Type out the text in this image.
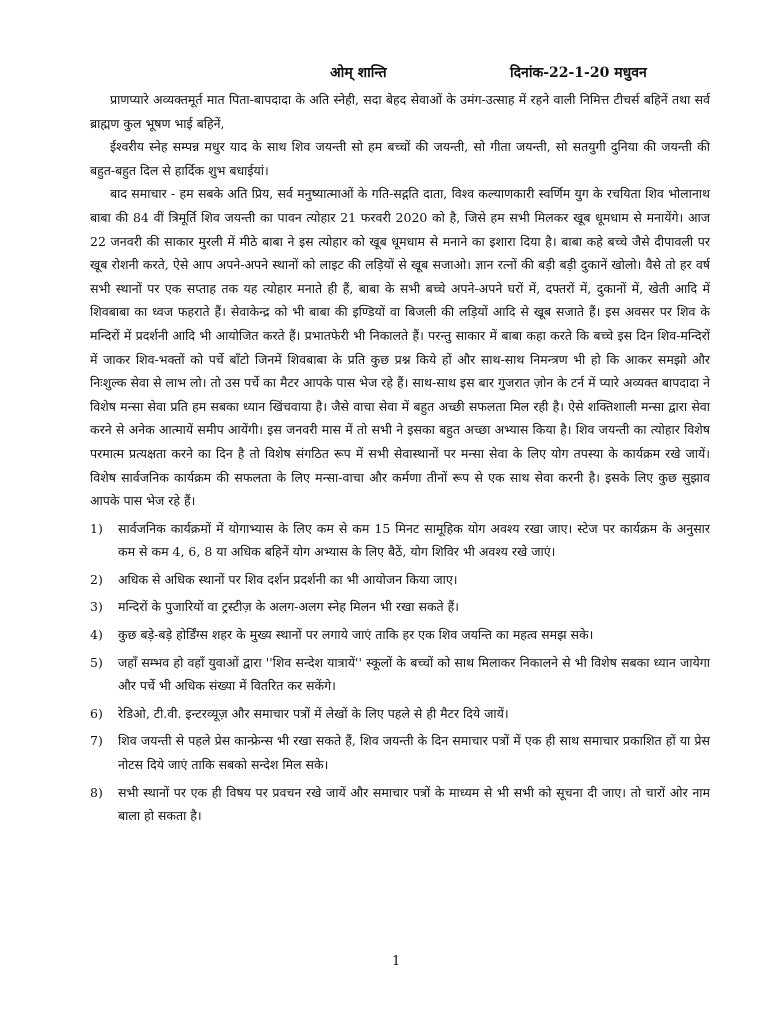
ओम् शान्ति	दिनांक-22-1-20 मधुवन

प्राणप्यारे अव्यक्तमूर्त मात पिता-बापदादा के अति स्नेही, सदा बेहद सेवाओं के उमंग-उत्साह में रहने वाली निमित्त टीचर्स बहिनें तथा सर्व ब्राह्मण कुल भूषण भाई बहिनें,

ईश्वरीय स्नेह सम्पन्न मधुर याद के साथ शिव जयन्ती सो हम बच्चों की जयन्ती, सो गीता जयन्ती, सो सतयुगी दुनिया की जयन्ती की बहुत-बहुत दिल से हार्दिक शुभ बधाईयां।

बाद समाचार - हम सबके अति प्रिय, सर्व मनुष्यात्माओं के गति-सद्गति दाता, विश्व कल्याणकारी स्वर्णिम युग के रचयिता शिव भोलानाथ बाबा की 84 वीं त्रिमूर्ति शिव जयन्ती का पावन त्योहार 21 फरवरी 2020 को है, जिसे हम सभी मिलकर खूब धूमधाम से मनायेंगे। आज 22 जनवरी की साकार मुरली में मीठे बाबा ने इस त्योहार को खूब धूमधाम से मनाने का इशारा दिया है। बाबा कहे बच्चे जैसे दीपावली पर खूब रोशनी करते, ऐसे आप अपने-अपने स्थानों को लाइट की लड़ियों से खूब सजाओ। ज्ञान रत्नों की बड़ी बड़ी दुकानें खोलो। वैसे तो हर वर्ष सभी स्थानों पर एक सप्ताह तक यह त्योहार मनाते ही हैं, बाबा के सभी बच्चे अपने-अपने घरों में, दफ्तरों में, दुकानों में, खेती आदि में शिवबाबा का ध्वज फहराते हैं। सेवाकेन्द्र को भी बाबा की इण्डियों वा बिजली की लड़ियों आदि से खूब सजाते हैं। इस अवसर पर शिव के मन्दिरों में प्रदर्शनी आदि भी आयोजित करते हैं। प्रभातफेरी भी निकालते हैं। परन्तु साकार में बाबा कहा करते कि बच्चे इस दिन शिव-मन्दिरों में जाकर शिव-भक्तों को पर्चे बाँटो जिनमें शिवबाबा के प्रति कुछ प्रश्न किये हों और साथ-साथ निमन्त्रण भी हो कि आकर समझो और निःशुल्क सेवा से लाभ लो। तो उस पर्चे का मैटर आपके पास भेज रहे हैं। साथ-साथ इस बार गुजरात ज़ोन के टर्न में प्यारे अव्यक्त बापदादा ने विशेष मन्सा सेवा प्रति हम सबका ध्यान खिंचवाया है। जैसे वाचा सेवा में बहुत अच्छी सफलता मिल रही है। ऐसे शक्तिशाली मन्सा द्वारा सेवा करने से अनेक आत्मायें समीप आयेंगी। इस जनवरी मास में तो सभी ने इसका बहुत अच्छा अभ्यास किया है। शिव जयन्ती का त्योहार विशेष परमात्म प्रत्यक्षता करने का दिन है तो विशेष संगठित रूप में सभी सेवास्थानों पर मन्सा सेवा के लिए योग तपस्या के कार्यक्रम रखे जायें। विशेष सार्वजनिक कार्यक्रम की सफलता के लिए मन्सा-वाचा और कर्मणा तीनों रूप से एक साथ सेवा करनी है। इसके लिए कुछ सुझाव आपके पास भेज रहे हैं।

1) सार्वजनिक कार्यक्रमों में योगाभ्यास के लिए कम से कम 15 मिनट सामूहिक योग अवश्य रखा जाए। स्टेज पर कार्यक्रम के अनुसार कम से कम 4, 6, 8 या अधिक बहिनें योग अभ्यास के लिए बैठें, योग शिविर भी अवश्य रखे जाएं।
2) अधिक से अधिक स्थानों पर शिव दर्शन प्रदर्शनी का भी आयोजन किया जाए।
3) मन्दिरों के पुजारियों वा ट्रस्टीज़ के अलग-अलग स्नेह मिलन भी रखा सकते हैं।
4) कुछ बड़े-बड़े होर्डिंग्स शहर के मुख्य स्थानों पर लगाये जाएं ताकि हर एक शिव जयन्ति का महत्व समझ सके।
5) जहाँ सम्भव हो वहाँ युवाओं द्वारा ''शिव सन्देश यात्रायें'' स्कूलों के बच्चों को साथ मिलाकर निकालने से भी विशेष सबका ध्यान जायेगा और पर्चे भी अधिक संख्या में वितरित कर सकेंगे।
6) रेडिओ, टी.वी. इन्टरव्यूज़ और समाचार पत्रों में लेखों के लिए पहले से ही मैटर दिये जायें।
7) शिव जयन्ती से पहले प्रेस कान्फ्रेन्स भी रखा सकते हैं, शिव जयन्ती के दिन समाचार पत्रों में एक ही साथ समाचार प्रकाशित हों या प्रेस नोटस दिये जाएं ताकि सबको सन्देश मिल सके।
8) सभी स्थानों पर एक ही विषय पर प्रवचन रखे जायें और समाचार पत्रों के माध्यम से भी सभी को सूचना दी जाए। तो चारों ओर नाम बाला हो सकता है।
1
